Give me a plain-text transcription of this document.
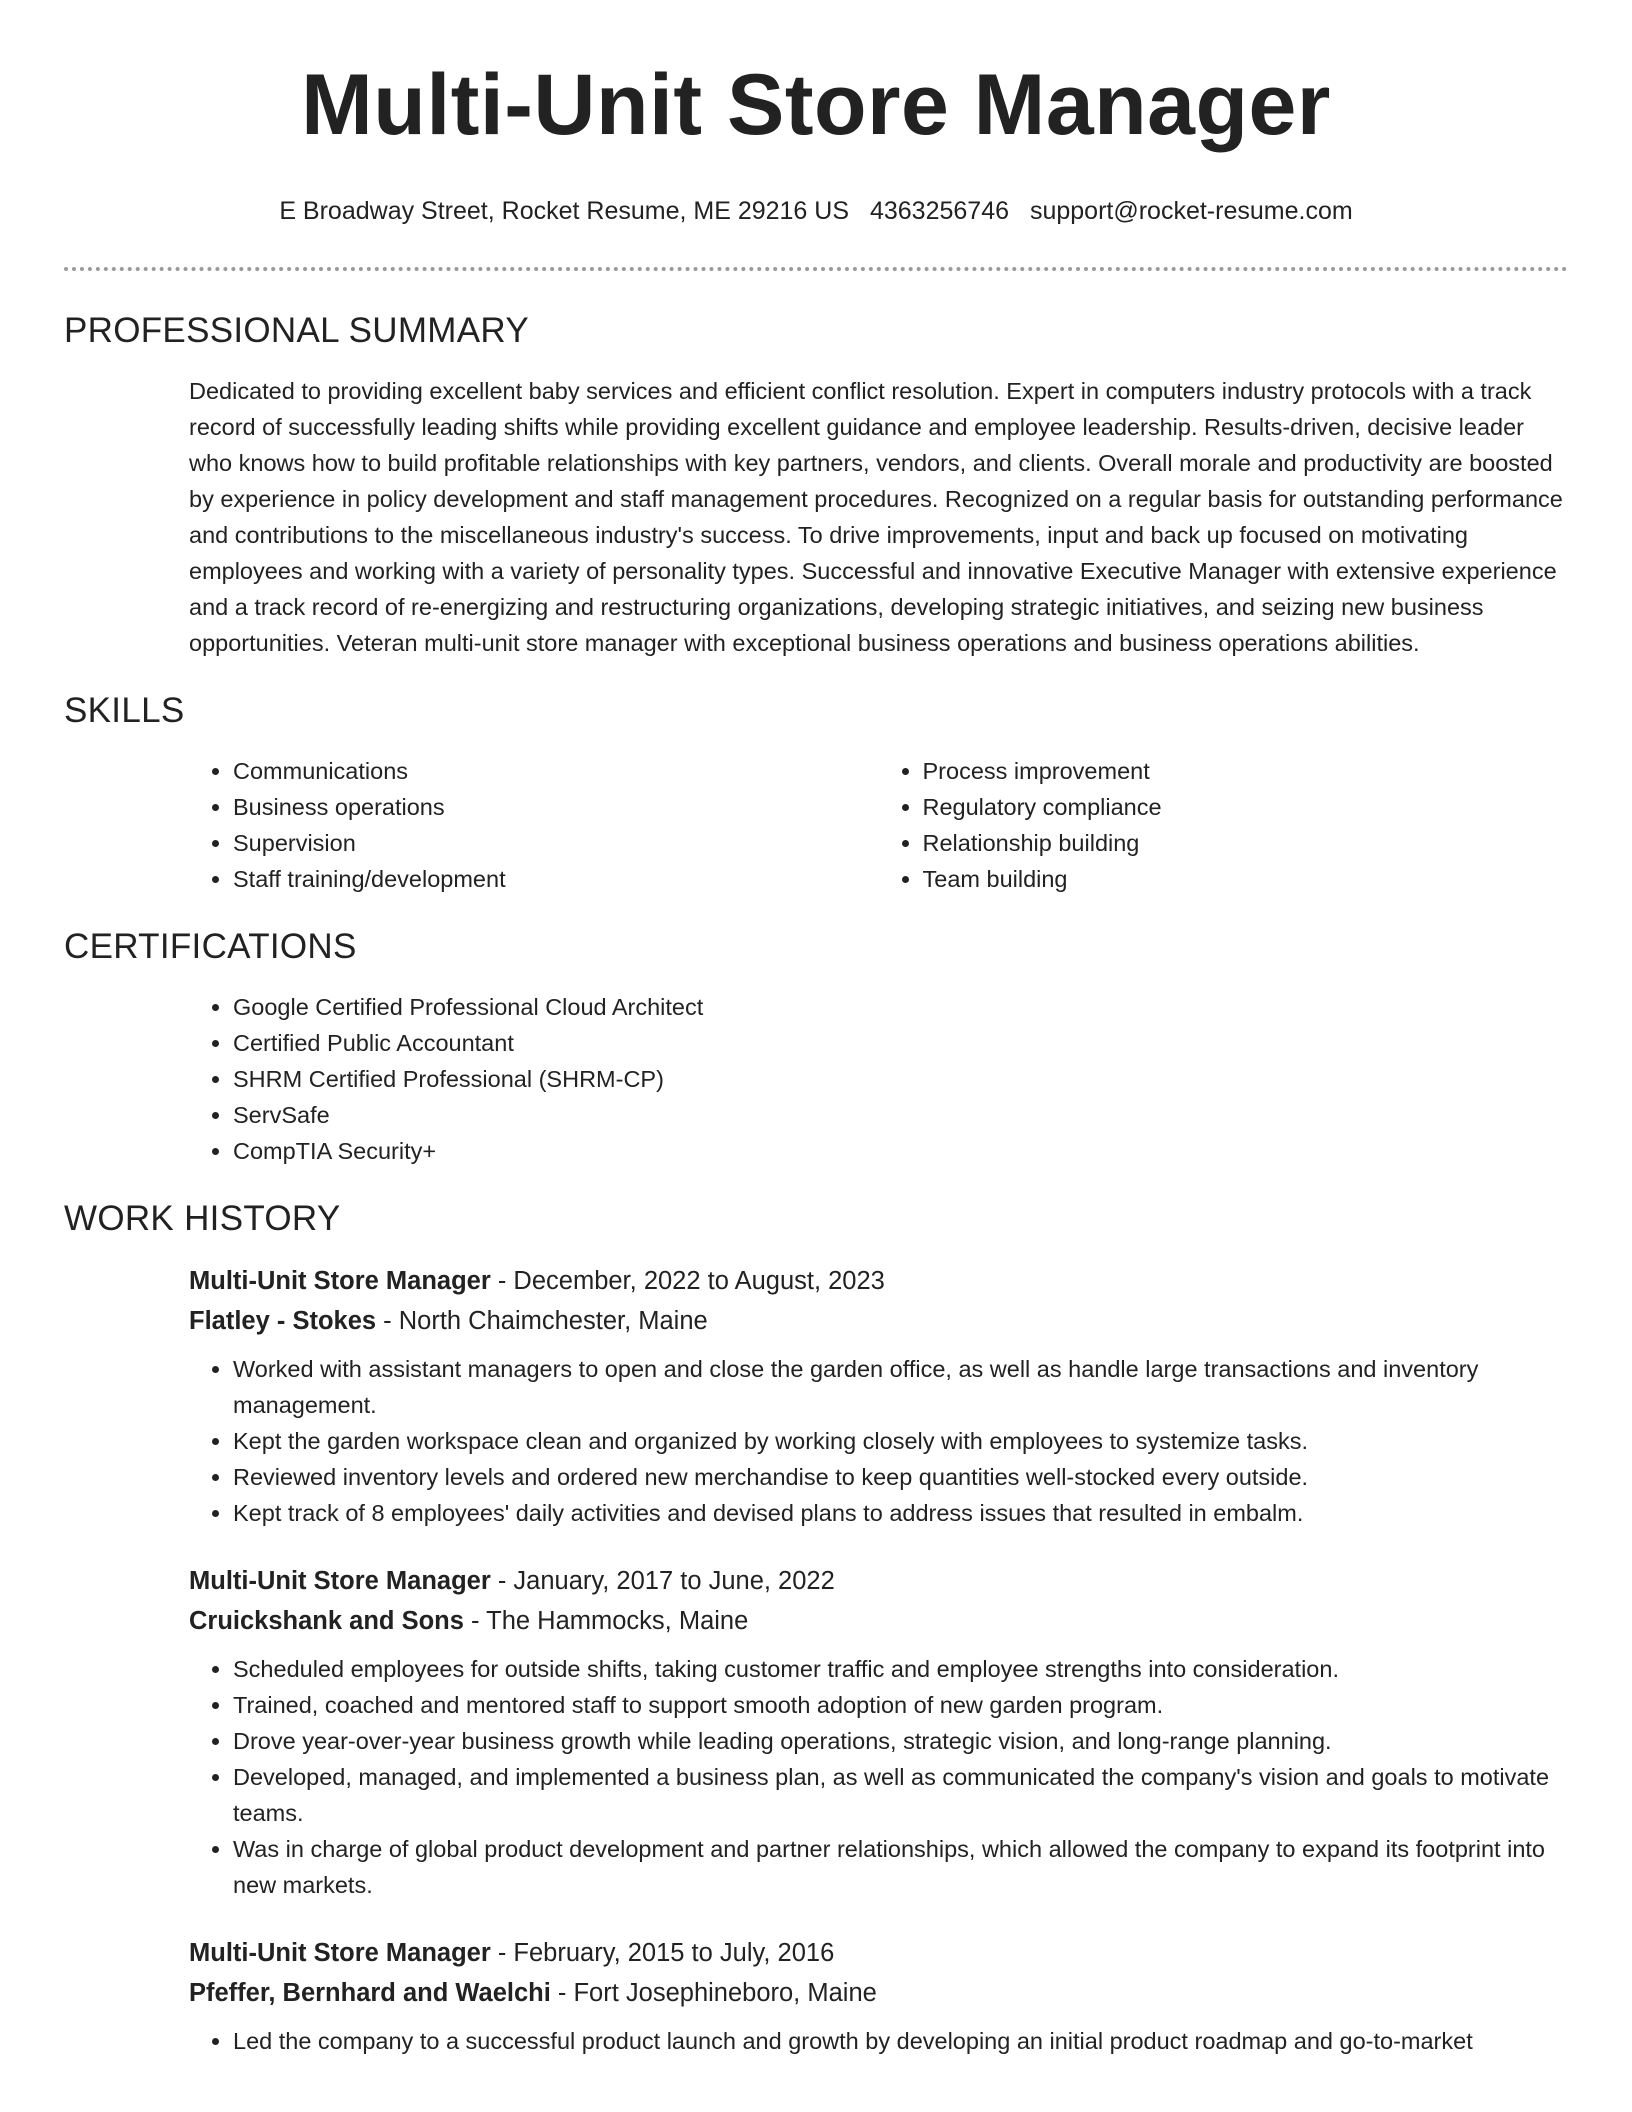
Multi-Unit Store Manager
E Broadway Street, Rocket Resume, ME 29216 US 4363256746 support@rocket-resume.com
PROFESSIONAL SUMMARY

Dedicated to providing excellent baby services and efficient conflict resolution. Expert in computers industry protocols with a track record of successfully leading shifts while providing excellent guidance and employee leadership. Results-driven, decisive leader who knows how to build profitable relationships with key partners, vendors, and clients. Overall morale and productivity are boosted by experience in policy development and staff management procedures. Recognized on a regular basis for outstanding performance and contributions to the miscellaneous industry's success. To drive improvements, input and back up focused on motivating employees and working with a variety of personality types. Successful and innovative Executive Manager with extensive experience and a track record of re-energizing and restructuring organizations, developing strategic initiatives, and seizing new business opportunities. Veteran multi-unit store manager with exceptional business operations and business operations abilities.

SKILLS
• Communications
• Business operations
• Supervision
• Staff training/development
• Process improvement
• Regulatory compliance
• Relationship building
• Team building
CERTIFICATIONS
• Google Certified Professional Cloud Architect
• Certified Public Accountant
• SHRM Certified Professional (SHRM-CP)
• ServSafe
• CompTIA Security+
WORK HISTORY
Multi-Unit Store Manager - December, 2022 to August, 2023
Flatley - Stokes - North Chaimchester, Maine
• Worked with assistant managers to open and close the garden office, as well as handle large transactions and inventory management.
• Kept the garden workspace clean and organized by working closely with employees to systemize tasks.
• Reviewed inventory levels and ordered new merchandise to keep quantities well-stocked every outside.
• Kept track of 8 employees' daily activities and devised plans to address issues that resulted in embalm.
Multi-Unit Store Manager - January, 2017 to June, 2022
Cruickshank and Sons - The Hammocks, Maine
• Scheduled employees for outside shifts, taking customer traffic and employee strengths into consideration.
• Trained, coached and mentored staff to support smooth adoption of new garden program.
• Drove year-over-year business growth while leading operations, strategic vision, and long-range planning.
• Developed, managed, and implemented a business plan, as well as communicated the company's vision and goals to motivate teams.
• Was in charge of global product development and partner relationships, which allowed the company to expand its footprint into new markets.
Multi-Unit Store Manager - February, 2015 to July, 2016
Pfeffer, Bernhard and Waelchi - Fort Josephineboro, Maine
• Led the company to a successful product launch and growth by developing an initial product roadmap and go-to-market
